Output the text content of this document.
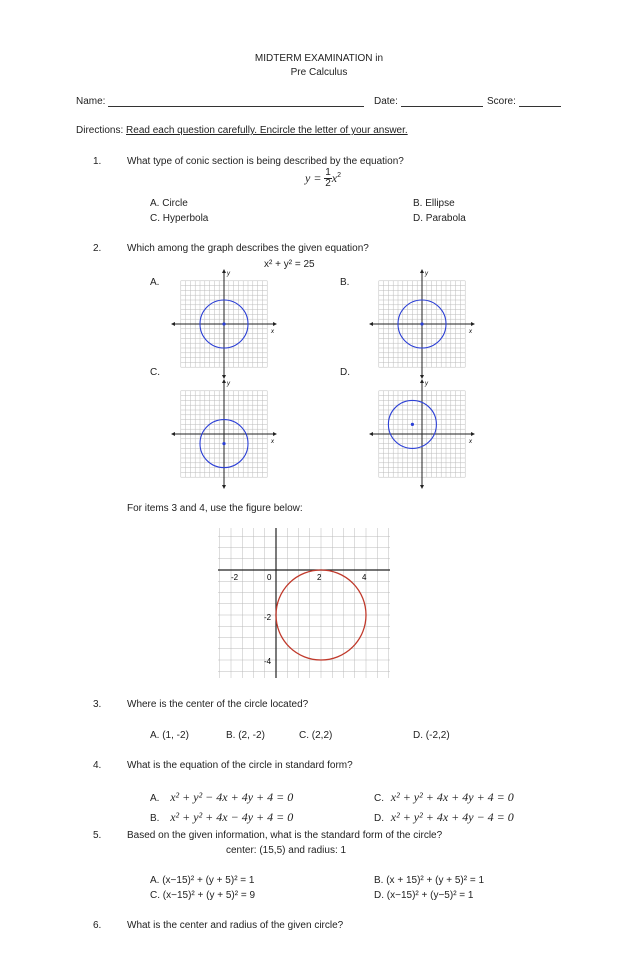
MIDTERM EXAMINATION in
Pre Calculus
Name:	Date:	Score:
Directions: Read each question carefully. Encircle the letter of your answer.
1.	What type of conic section is being described by the equation?
$y = \frac{1}{2} x^2$
A. Circle	B. Ellipse
C. Hyperbola	D. Parabola
2.	Which among the graph describes the given equation?
x² + y² = 25
A.	B.
C.	D.
x
y
x
y
x
y
x
y
For items 3 and 4, use the figure below:
-2	0	2	4
-2
-4
3.	Where is the center of the circle located?
A. (1, -2)	B. (2, -2)	C. (2,2)	D. (-2,2)
4.	What is the equation of the circle in standard form?
A. x² + y² − 4x + 4y + 4 = 0	C. x² + y² + 4x + 4y + 4 = 0
B. x² + y² + 4x − 4y + 4 = 0	D. x² + y² + 4x + 4y − 4 = 0
5.	Based on the given information, what is the standard form of the circle?
center: (15,5) and radius: 1
A. (x−15)² + (y + 5)² = 1	B. (x + 15)² + (y + 5)² = 1
C. (x−15)² + (y + 5)² = 9	D. (x−15)² + (y−5)² = 1
6.	What is the center and radius of the given circle?
